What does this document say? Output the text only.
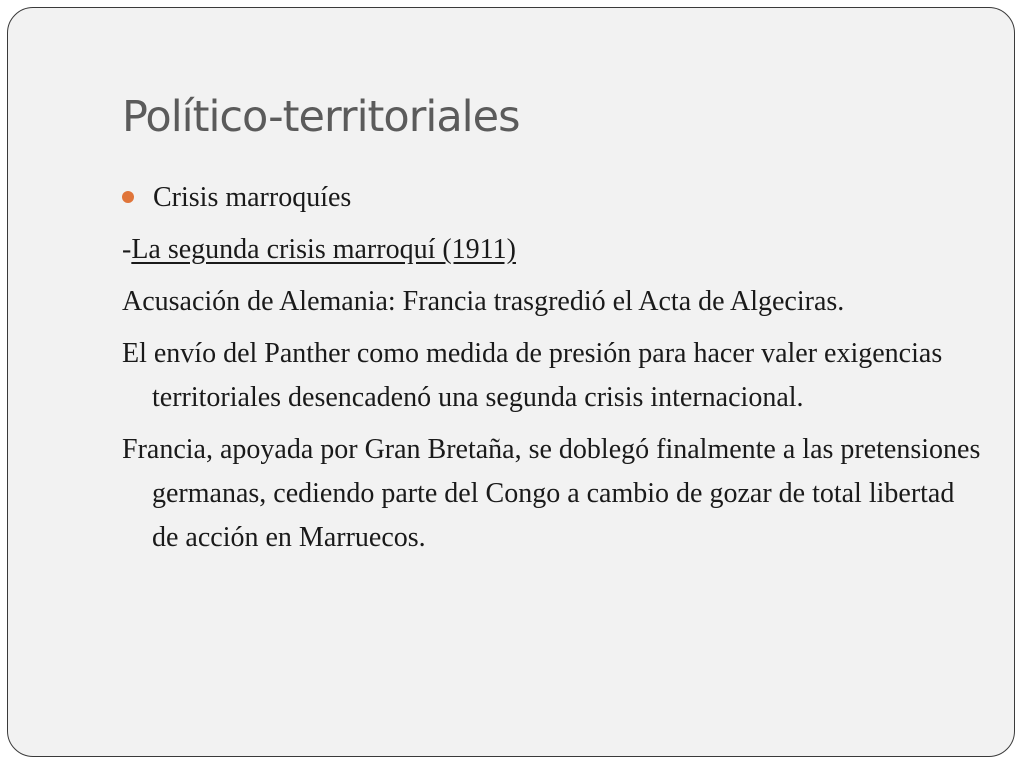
Político-territoriales
Crisis marroquíes

-La segunda crisis marroquí (1911)

Acusación de Alemania: Francia trasgredió el Acta de Algeciras.

El envío del Panther como medida de presión para hacer valer exigencias territoriales desencadenó una segunda crisis internacional.

Francia, apoyada por Gran Bretaña, se doblegó finalmente a las pretensiones germanas, cediendo parte del Congo a cambio de gozar de total libertad de acción en Marruecos.
